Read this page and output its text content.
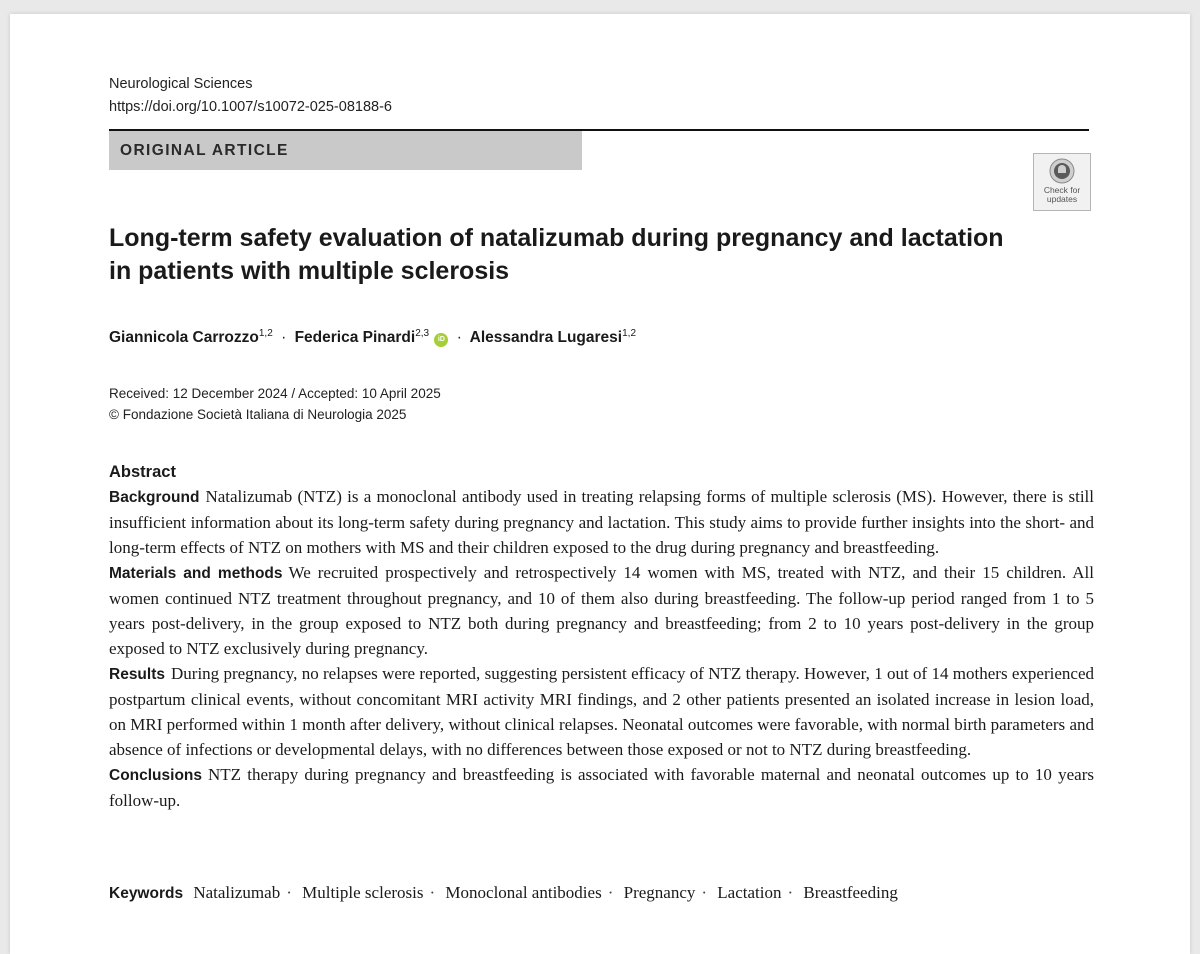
Neurological Sciences
https://doi.org/10.1007/s10072-025-08188-6
ORIGINAL ARTICLE
Check for updates
Long-term safety evaluation of natalizumab during pregnancy and lactation in patients with multiple sclerosis
Giannicola Carrozzo$^{1,2}$ · Federica Pinardi$^{2,3}$ iD · Alessandra Lugaresi$^{1,2}$
Received: 12 December 2024 / Accepted: 10 April 2025
© Fondazione Società Italiana di Neurologia 2025
Abstract

Background Natalizumab (NTZ) is a monoclonal antibody used in treating relapsing forms of multiple sclerosis (MS). However, there is still insufficient information about its long-term safety during pregnancy and lactation. This study aims to provide further insights into the short- and long-term effects of NTZ on mothers with MS and their children exposed to the drug during pregnancy and breastfeeding.

Materials and methods We recruited prospectively and retrospectively 14 women with MS, treated with NTZ, and their 15 children. All women continued NTZ treatment throughout pregnancy, and 10 of them also during breastfeeding. The follow-up period ranged from 1 to 5 years post-delivery, in the group exposed to NTZ both during pregnancy and breastfeeding; from 2 to 10 years post-delivery in the group exposed to NTZ exclusively during pregnancy.

Results During pregnancy, no relapses were reported, suggesting persistent efficacy of NTZ therapy. However, 1 out of 14 mothers experienced postpartum clinical events, without concomitant MRI activity MRI findings, and 2 other patients presented an isolated increase in lesion load, on MRI performed within 1 month after delivery, without clinical relapses. Neonatal outcomes were favorable, with normal birth parameters and absence of infections or developmental delays, with no differences between those exposed or not to NTZ during breastfeeding.

Conclusions NTZ therapy during pregnancy and breastfeeding is associated with favorable maternal and neonatal outcomes up to 10 years follow-up.

Keywords Natalizumab · Multiple sclerosis · Monoclonal antibodies · Pregnancy · Lactation · Breastfeeding
